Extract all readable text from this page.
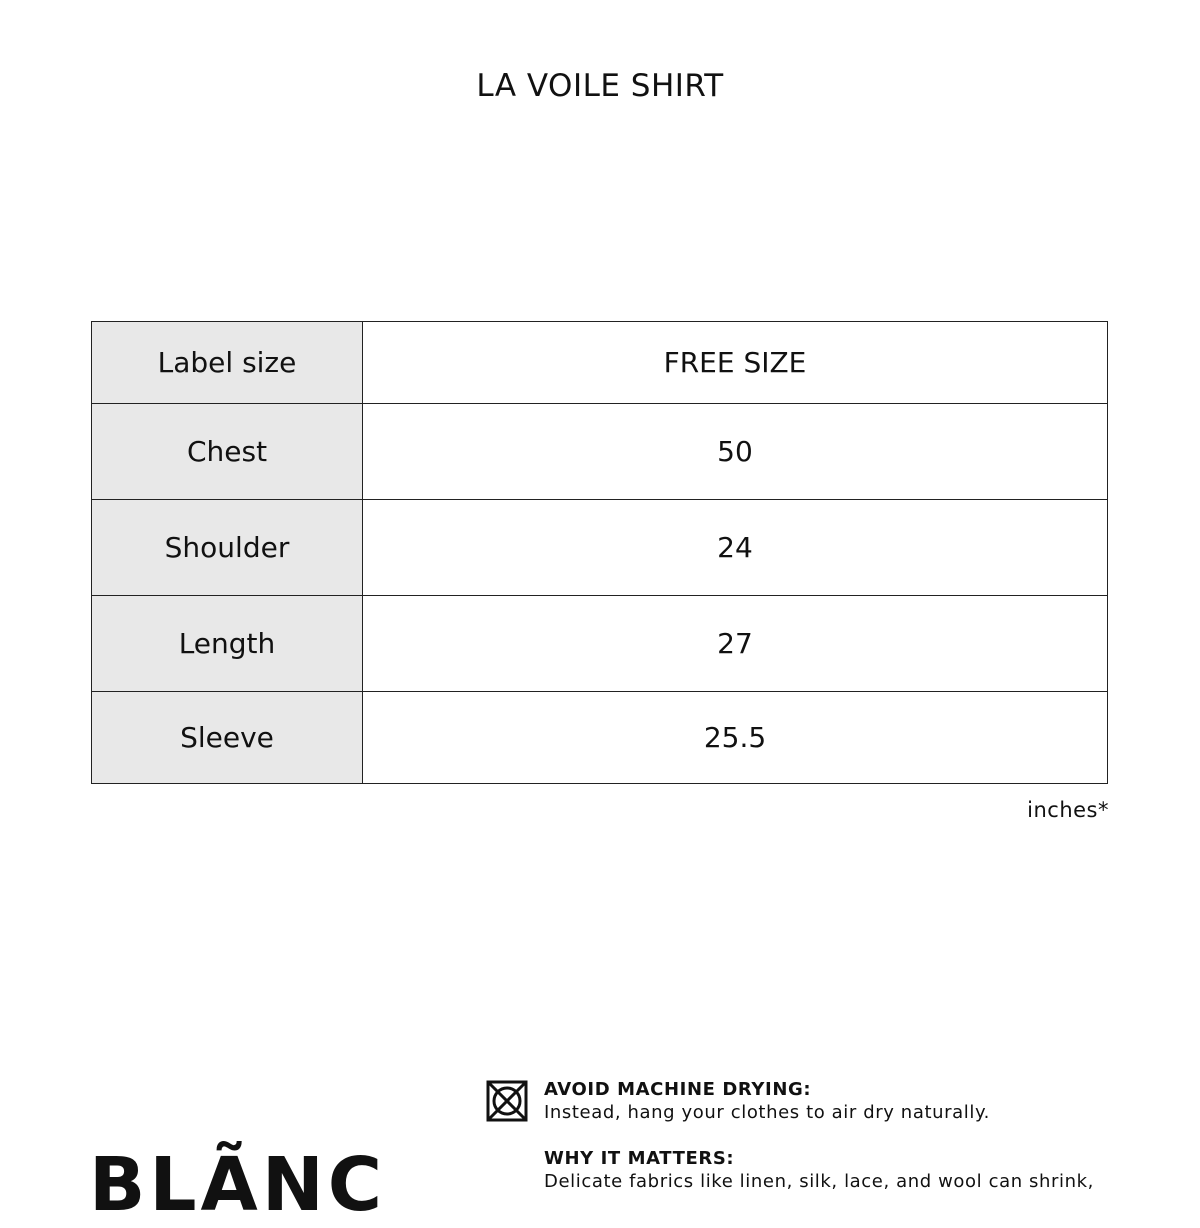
LA VOILE SHIRT
Label size	FREE SIZE
Chest	50
Shoulder	24
Length	27
Sleeve	25.5
inches*
AVOID MACHINE DRYING:
Instead, hang your clothes to air dry naturally.
WHY IT MATTERS:
Delicate fabrics like linen, silk, lace, and wool can shrink,
BLÃNC
